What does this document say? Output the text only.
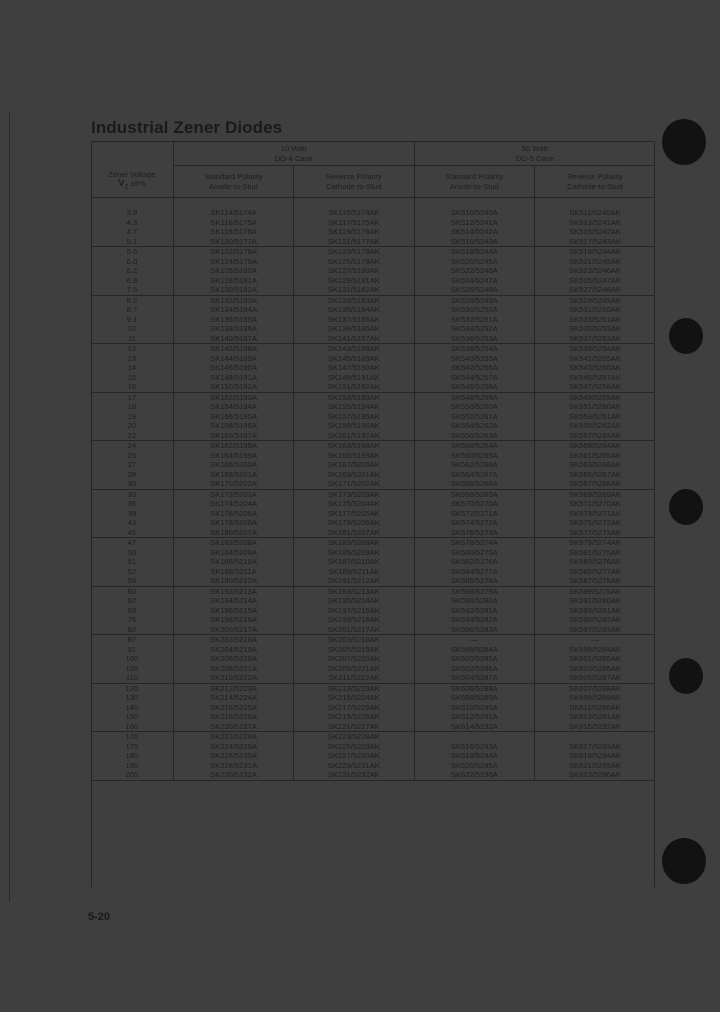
Industrial Zener Diodes

	10 Watt
DO-4 Case		50 Watt
DO-5 Case	

Zener Voltage
$V_Z \pm 5\%$	Standard Polarity
Anode-to-Stud	Reverse Polarity
Cathode-to-Stud	Standard Polarity
Anode-to-Stud	Reverse Polarity
Cathode-to-Stud

3.9	SK114/5174A	SK115/5174AK	SK510/5240A	SK511/5240AK
4.3	SK116/5175A	SK117/5175AK	SK512/5241A	SK513/5241AK
4.7	SK118/5176A	SK119/5176AK	SK514/5242A	SK515/5242AK
5.1	SK120/5177A	SK121/5177AK	SK516/5243A	SK517/5243AK
5.6	SK122/5178A	SK123/5179AK	SK518/5244A	SK519/5244AK
6.0	SK124/5179A	SK125/5179AK	SK520/5245A	SK521/5245AK
6.2	SK126/5180A	SK127/5180AK	SK522/5246A	SK523/5246AK
6.8	SK128/5181A	SK129/5181AK	SK524/5247A	SK525/5247AK
7.5	SK130/5182A	SK131/5182AK	SK526/5248A	SK527/5248AK
8.2	SK132/5183A	SK133/5183AK	SK528/5249A	SK529/5249AK
8.7	SK134/5184A	SK135/5184AK	SK530/5250A	SK531/5250AK
9.1	SK136/5185A	SK137/5185AK	SK532/5251A	SK533/5251AK
10	SK138/5186A	SK139/5186AK	SK534/5252A	SK535/5252AK
11	SK140/5187A	SK141/5187AK	SK536/5253A	SK537/5253AK
12	SK142/5188A	SK143/5188AK	SK538/5254A	SK539/5254AK
13	SK144/5189A	SK145/5189AK	SK540/5255A	SK541/5255AK
14	SK146/5190A	SK147/5190AK	SK542/5256A	SK543/5256AK
15	SK148/5191A	SK149/5191AK	SK544/5257A	SK545/5257AK
16	SK150/5192A	SK151/5192AK	SK546/5258A	SK547/5258AK
17	SK152/5193A	SK153/5193AK	SK548/5259A	SK549/5259AK
18	SK154/5194A	SK155/5194AK	SK550/5260A	SK551/5260AK
19	SK156/5195A	SK157/5195AK	SK552/5261A	SK553/5261AK
20	SK158/5196A	SK159/5196AK	SK554/5262A	SK555/5262AK
22	SK160/5197A	SK161/5197AK	SK556/5263A	SK557/5263AK
24	SK162/5198A	SK163/5198AK	SK558/5264A	SK559/5264AK
25	SK164/5199A	SK165/5199AK	SK560/5265A	SK561/5265AK
27	SK166/5200A	SK167/5200AK	SK562/5266A	SK563/5266AK
28	SK168/5201A	SK169/5201AK	SK564/5267A	SK565/5267AK
30	SK170/5202A	SK171/5202AK	SK566/5268A	SK567/5268AK
33	SK172/5203A	SK173/5203AK	SK568/5269A	SK569/5269AK
36	SK174/5204A	SK175/5204AK	SK570/5270A	SK571/5270AK
39	SK176/5205A	SK177/5205AK	SK572/5271A	SK573/5271AK
43	SK178/5206A	SK179/5206AK	SK574/5272A	SK575/5272AK
45	SK180/5207A	SK181/5207AK	SK576/5273A	SK577/5273AK
47	SK182/5208A	SK183/5208AK	SK578/5274A	SK579/5274AK
50	SK184/5209A	SK185/5209AK	SK580/5275A	SK581/5275AK
51	SK186/5210A	SK187/5210AK	SK582/5276A	SK583/5276AK
52	SK188/5211A	SK189/5211AK	SK584/5277A	SK585/5277AK
56	SK190/5212A	SK191/5212AK	SK586/5278A	SK587/5278AK
60	SK192/5213A	SK193/5213AK	SK588/5279A	SK589/5279AK
62	SK194/5214A	SK195/5214AK	SK590/5280A	SK591/5280AK
68	SK196/5215A	SK197/5215AK	SK592/5281A	SK593/5281AK
75	SK198/5216A	SK199/5216AK	SK594/5282A	SK595/5282AK
82	SK200/5217A	SK201/5217AK	SK596/5283A	SK597/5283AK
87	SK202/5218A	SK203/5218AK	—	—
91	SK204/5219A	SK205/5219AK	SK599/5284A	SK599/5284AK
100	SK206/5220A	SK207/5220AK	SK600/5285A	SK601/5285AK
105	SK208/5221A	SK209/5221AK	SK602/5286A	SK603/5286AK
110	SK210/5222A	SK211/5222AK	SK604/5287A	SK605/5287AK
120	SK212/5223A	SK213/5223AK	SK606/5288A	SK607/5288AK
130	SK214/5224A	SK215/5224AK	SK608/5289A	SK609/5289AK
140	SK216/5225A	SK217/5225AK	SK610/5290A	SK611/5290AK
150	SK218/5226A	SK219/5226AK	SK612/5291A	SK613/5291AK
160	SK220/5227A	SK221/5227AK	SK614/5292A	SK615/5292AK
170	SK222/5228A	SK223/5228AK		
175	SK224/5229A	SK225/5229AK	SK616/5293A	SK617/5293AK
180	SK226/5230A	SK227/5230AK	SK618/5294A	SK619/5294AK
190	SK228/5231A	SK229/5231AK	SK620/5295A	SK621/5295AK
200	SK230/5232A	SK231/5232AK	SK622/5296A	SK623/5296AK
5-20
